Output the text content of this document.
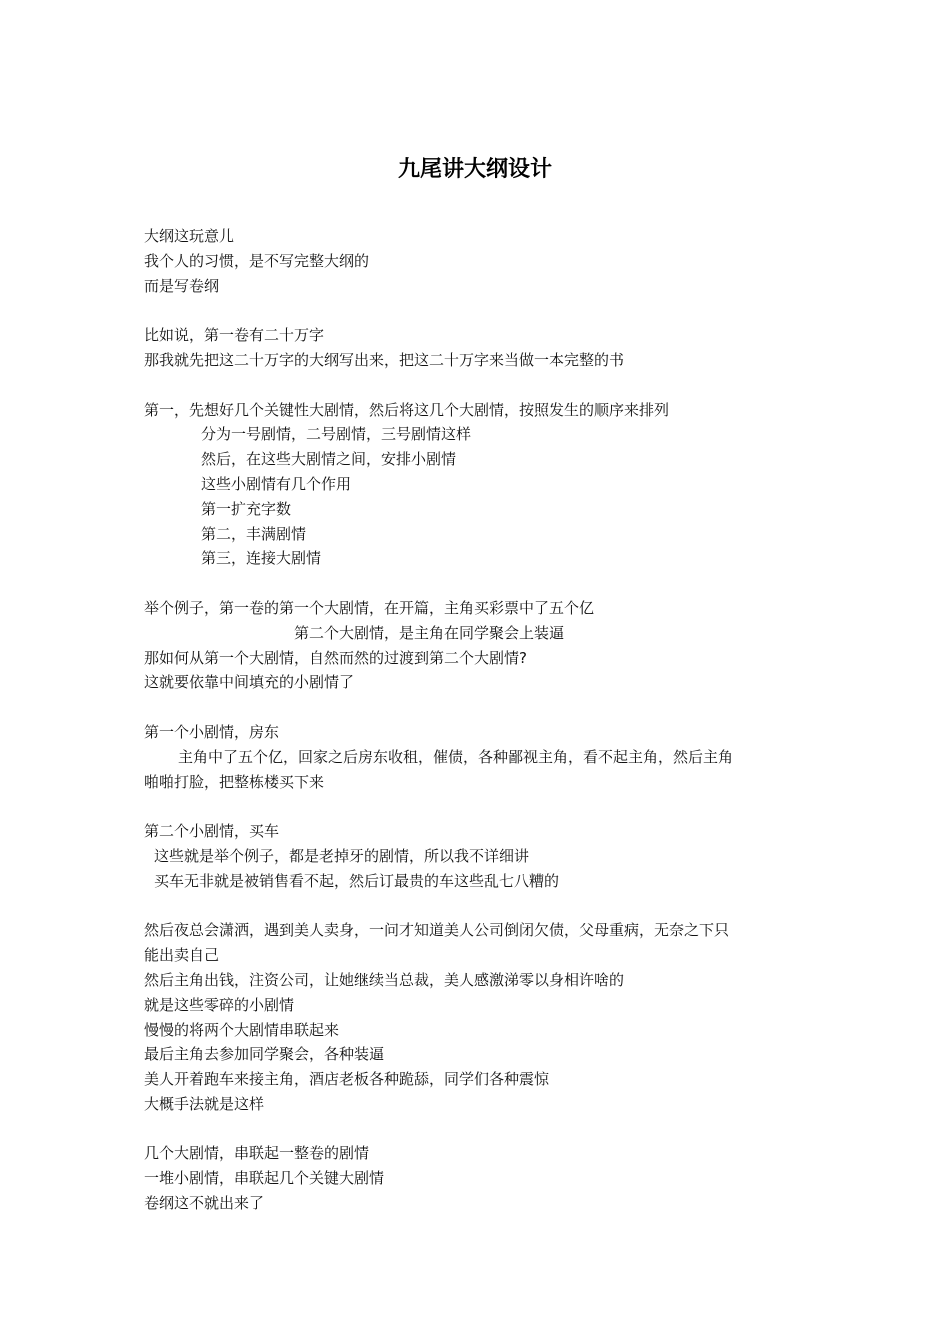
九尾讲大纲设计
大纲这玩意儿
我个人的习惯，是不写完整大纲的
而是写卷纲
比如说，第一卷有二十万字
那我就先把这二十万字的大纲写出来，把这二十万字来当做一本完整的书
第一，先想好几个关键性大剧情，然后将这几个大剧情，按照发生的顺序来排列
分为一号剧情，二号剧情，三号剧情这样
然后，在这些大剧情之间，安排小剧情
这些小剧情有几个作用
第一扩充字数
第二，丰满剧情
第三，连接大剧情
举个例子，第一卷的第一个大剧情，在开篇，主角买彩票中了五个亿
第二个大剧情，是主角在同学聚会上装逼
那如何从第一个大剧情，自然而然的过渡到第二个大剧情?
这就要依靠中间填充的小剧情了
第一个小剧情，房东
主角中了五个亿，回家之后房东收租，催债，各种鄙视主角，看不起主角，然后主角
啪啪打脸，把整栋楼买下来
第二个小剧情，买车
这些就是举个例子，都是老掉牙的剧情，所以我不详细讲
买车无非就是被销售看不起，然后订最贵的车这些乱七八糟的
然后夜总会潇洒，遇到美人卖身，一问才知道美人公司倒闭欠债，父母重病，无奈之下只
能出卖自己
然后主角出钱，注资公司，让她继续当总裁，美人感激涕零以身相许啥的
就是这些零碎的小剧情
慢慢的将两个大剧情串联起来
最后主角去参加同学聚会，各种装逼
美人开着跑车来接主角，酒店老板各种跪舔，同学们各种震惊
大概手法就是这样
几个大剧情，串联起一整卷的剧情
一堆小剧情，串联起几个关键大剧情
卷纲这不就出来了
